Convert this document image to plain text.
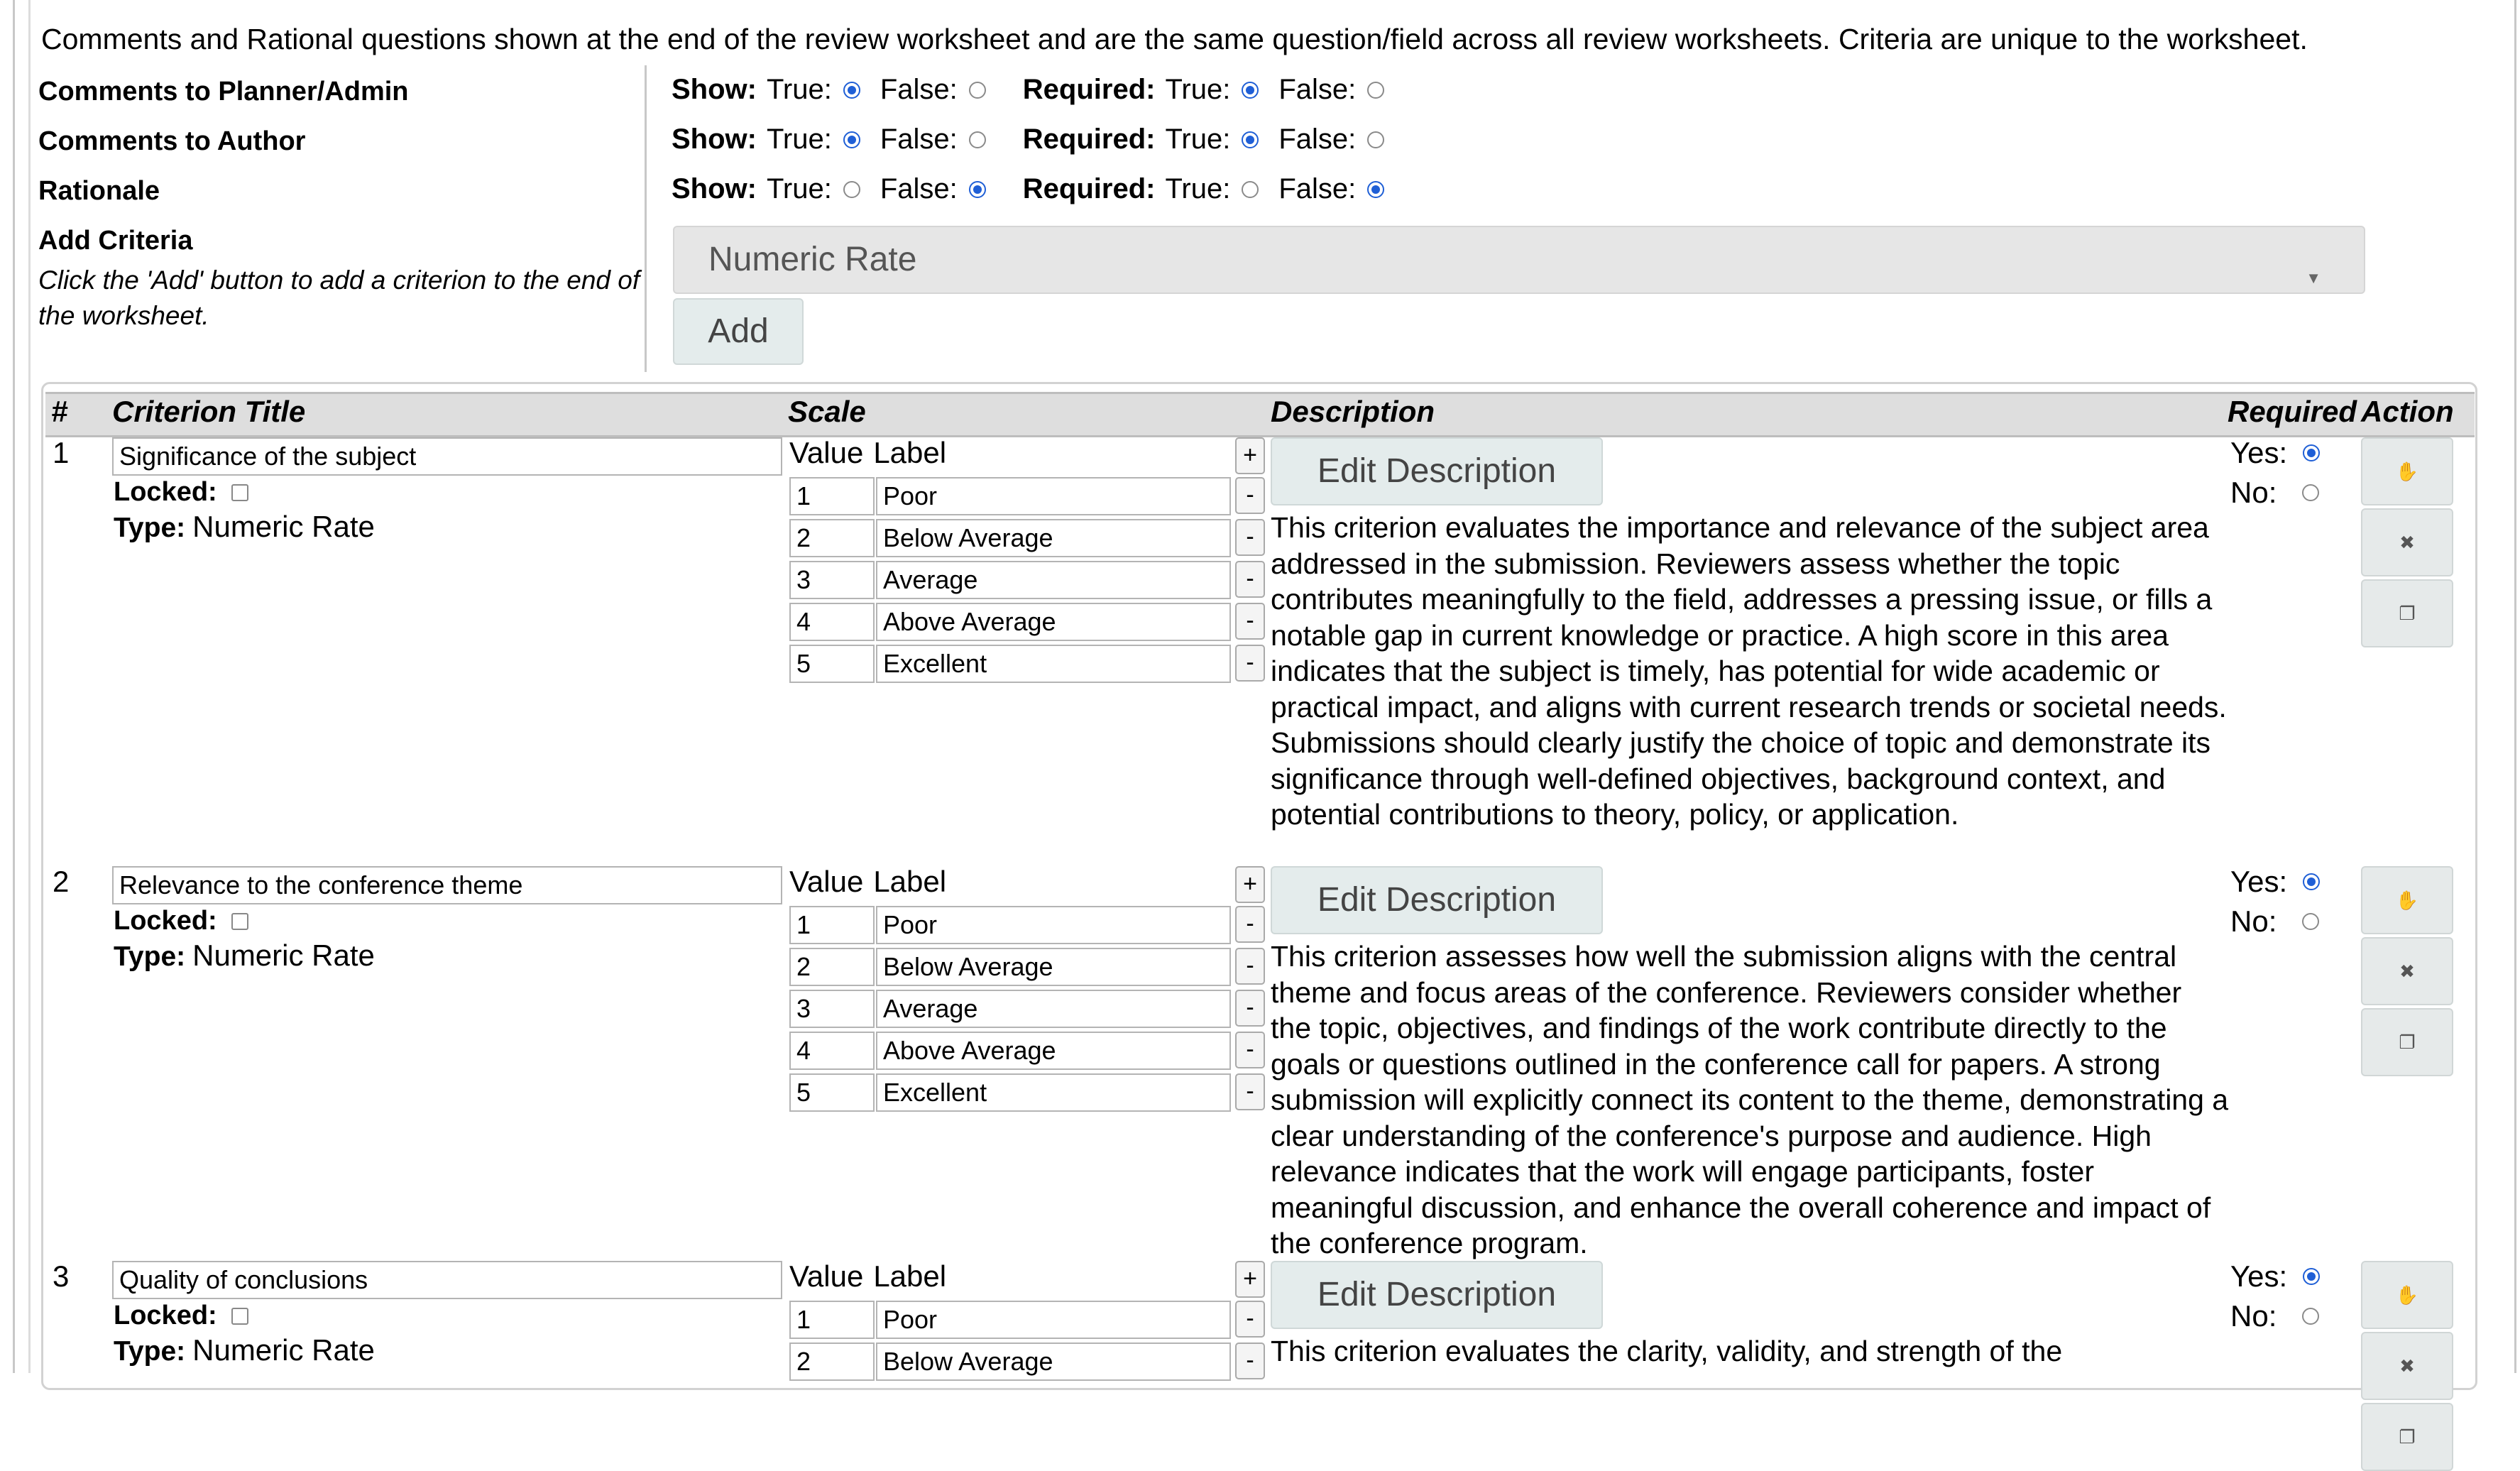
Comments and Rational questions shown at the end of the review worksheet and are the same question/field across all review worksheets. Criteria are unique to the worksheet.
Comments to Planner/Admin	Show: True: False: Required: True: False:
Comments to Author	Show: True: False: Required: True: False:
Rationale	Show: True: False: Required: True: False:
Add Criteria
Click the 'Add' button to add a criterion to the end of the worksheet.
Numeric Rate	▼
Add
# Criterion Title	Scale	Description	Required Action
1 Significance of the subject
Locked:
Type: Numeric Rate
Value Label	+
1	Poor	-
2	Below Average	-
3	Average	-
4	Above Average	-
5	Excellent	-
Edit Description
This criterion evaluates the importance and relevance of the subject area addressed in the submission. Reviewers assess whether the topic contributes meaningfully to the field, addresses a pressing issue, or fills a notable gap in current knowledge or practice. A high score in this area indicates that the subject is timely, has potential for wide academic or practical impact, and aligns with current research trends or societal needs. Submissions should clearly justify the choice of topic and demonstrate its significance through well-defined objectives, background context, and potential contributions to theory, policy, or application.
Yes:
No:
✋
✖
❐
2 Relevance to the conference theme
Locked:
Type: Numeric Rate
Value Label	+
1	Poor	-
2	Below Average	-
3	Average	-
4	Above Average	-
5	Excellent	-
Edit Description
This criterion assesses how well the submission aligns with the central theme and focus areas of the conference. Reviewers consider whether the topic, objectives, and findings of the work contribute directly to the goals or questions outlined in the conference call for papers. A strong submission will explicitly connect its content to the theme, demonstrating a clear understanding of the conference's purpose and audience. High relevance indicates that the work will engage participants, foster meaningful discussion, and enhance the overall coherence and impact of the conference program.
Yes:
No:
✋
✖
❐
3 Quality of conclusions
Locked:
Type: Numeric Rate
Value Label	+
1	Poor	-
2	Below Average	-
Edit Description
This criterion evaluates the clarity, validity, and strength of the
Yes:
No:
✋
✖
❐
